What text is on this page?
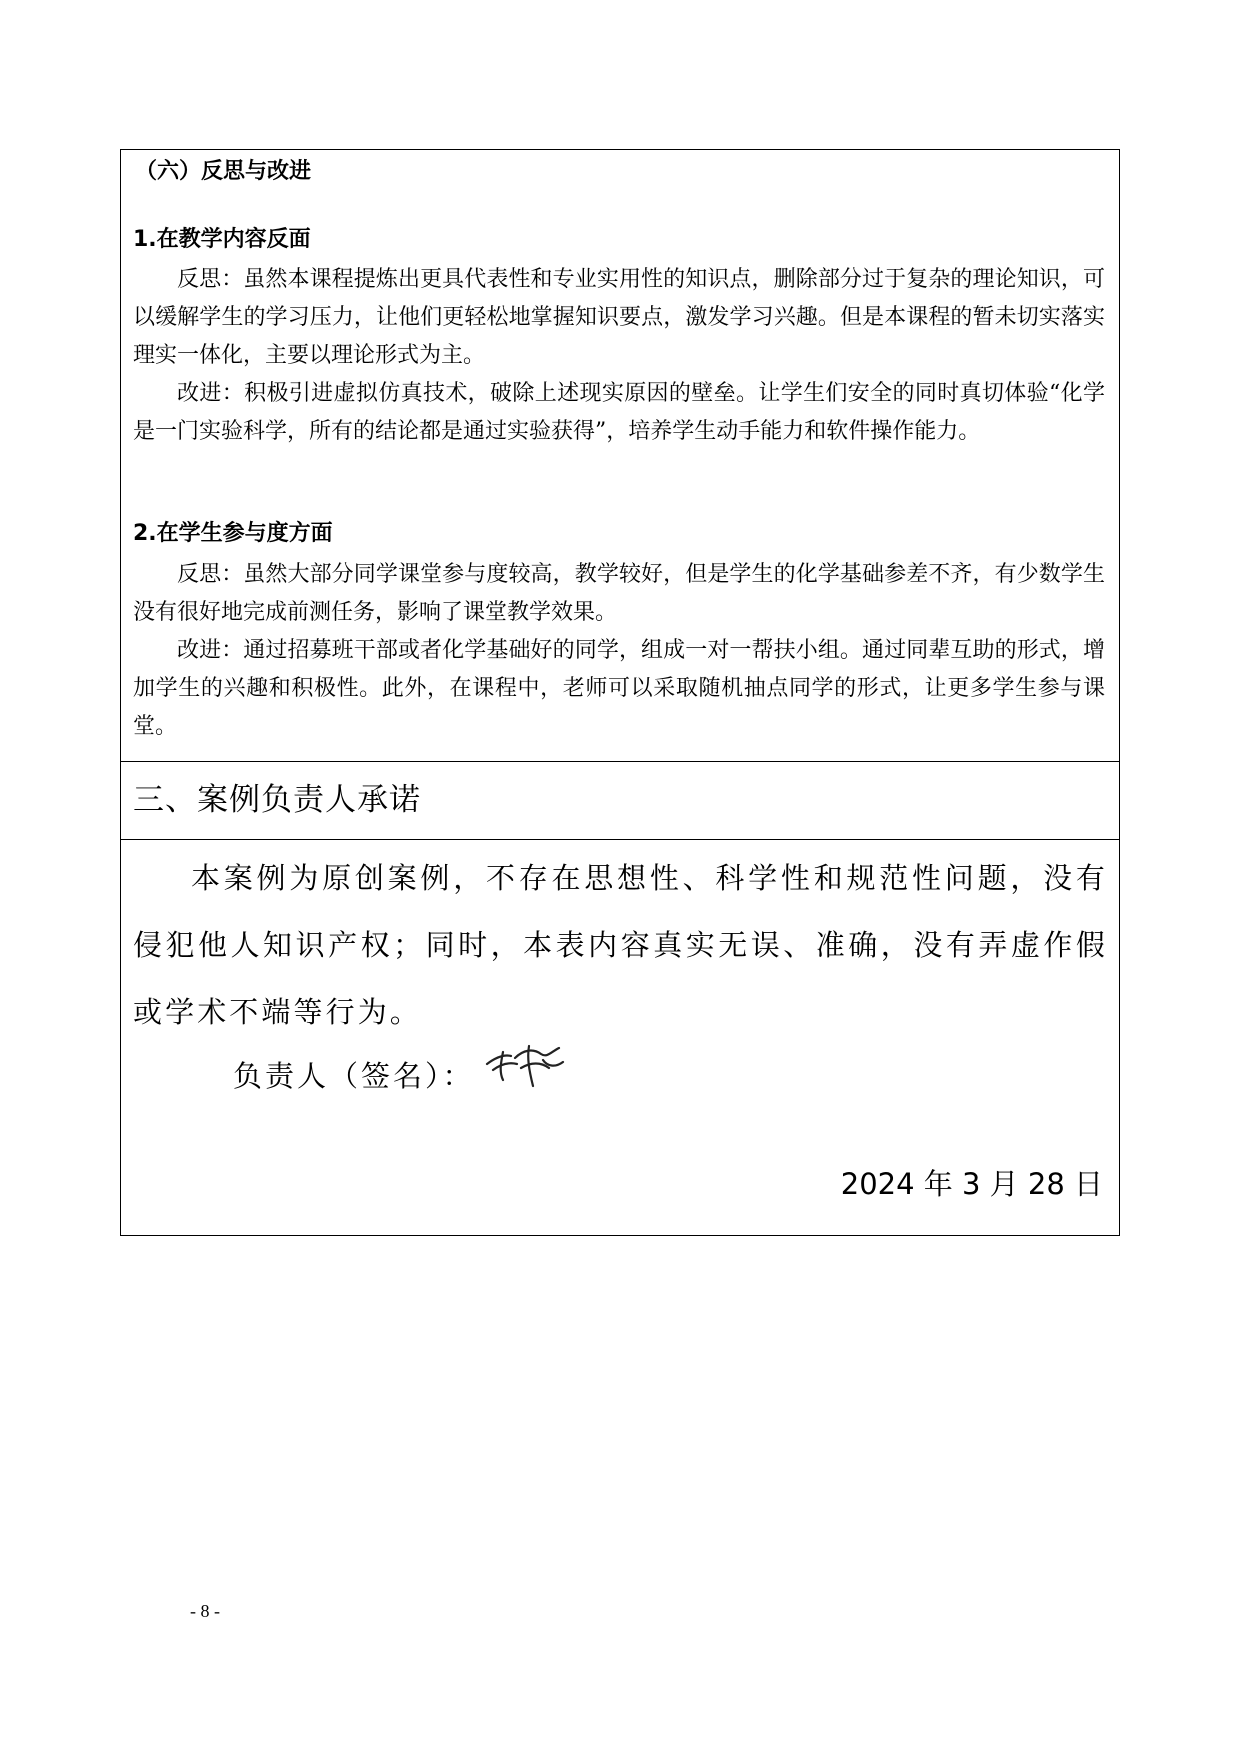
（六）反思与改进
1.在教学内容反面

反思：虽然本课程提炼出更具代表性和专业实用性的知识点，删除部分过于复杂的理论知识，可以缓解学生的学习压力，让他们更轻松地掌握知识要点，激发学习兴趣。但是本课程的暂未切实落实理实一体化，主要以理论形式为主。

改进：积极引进虚拟仿真技术，破除上述现实原因的壁垒。让学生们安全的同时真切体验“化学是一门实验科学，所有的结论都是通过实验获得”，培养学生动手能力和软件操作能力。

2.在学生参与度方面

反思：虽然大部分同学课堂参与度较高，教学较好，但是学生的化学基础参差不齐，有少数学生没有很好地完成前测任务，影响了课堂教学效果。

改进：通过招募班干部或者化学基础好的同学，组成一对一帮扶小组。通过同辈互助的形式，增加学生的兴趣和积极性。此外，在课程中，老师可以采取随机抽点同学的形式，让更多学生参与课堂。

三、案例负责人承诺

本案例为原创案例，不存在思想性、科学性和规范性问题，没有侵犯他人知识产权；同时，本表内容真实无误、准确，没有弄虚作假或学术不端等行为。

负责人（签名）：
2024 年 3 月 28 日
- 8 -
